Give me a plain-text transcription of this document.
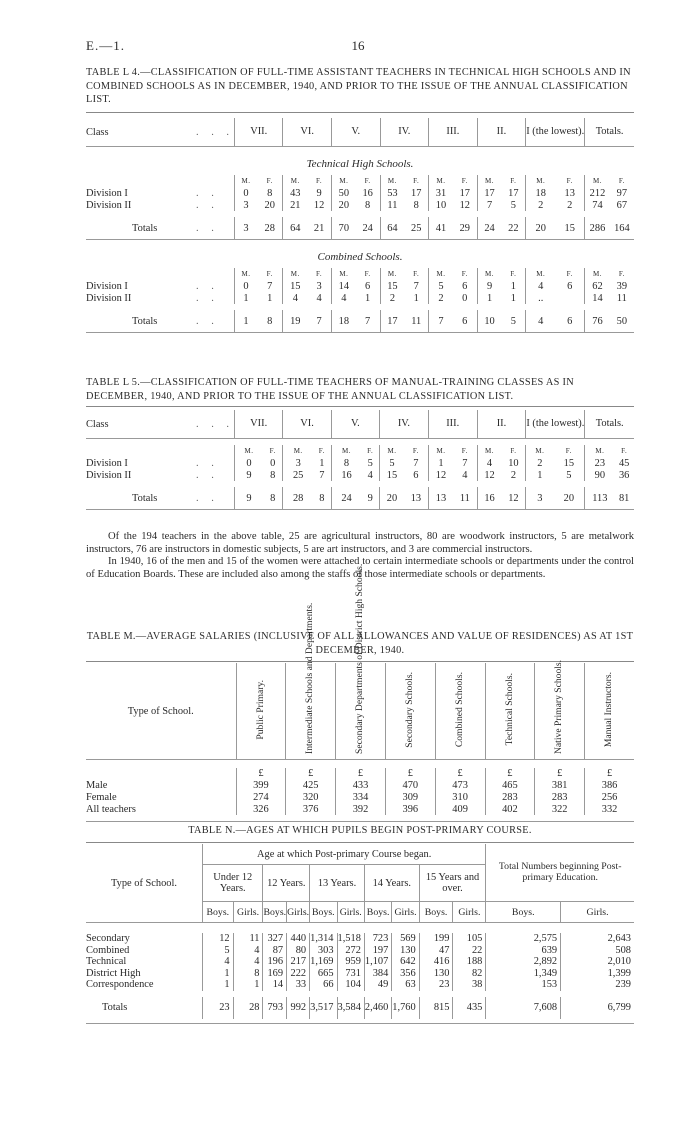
E.—1.	16
TABLE L 4.—CLASSIFICATION OF FULL-TIME ASSISTANT TEACHERS IN TECHNICAL HIGH SCHOOLS AND IN COMBINED SCHOOLS AS IN DECEMBER, 1940, AND PRIOR TO THE ISSUE OF THE ANNUAL CLASSIFICATION LIST.
Class	. . .	VII.		VI.		V.		IV.		III.		II.		I (the lowest).		Totals.	

Technical High Schools.																	
		M.	F.	M.	F.	M.	F.	M.	F.	M.	F.	M.	F.	M.	F.	M.	F.
Division I	. .	0	8	43	9	50	16	53	17	31	17	17	17	18	13	212	97
Division II	. .	3	20	21	12	20	8	11	8	10	12	7	5	2	2	74	67

Totals	. .	3	28	64	21	70	24	64	25	41	29	24	22	20	15	286	164

Combined Schools.																	
		M.	F.	M.	F.	M.	F.	M.	F.	M.	F.	M.	F.	M.	F.	M.	F.
Division I	. .	0	7	15	3	14	6	15	7	5	6	9	1	4	6	62	39
Division II	. .	1	1	4	4	4	1	2	1	2	0	1	1	..		14	11

Totals	. .	1	8	19	7	18	7	17	11	7	6	10	5	4	6	76	50

TABLE L 5.—CLASSIFICATION OF FULL-TIME TEACHERS OF MANUAL-TRAINING CLASSES AS IN DECEMBER, 1940, AND PRIOR TO THE ISSUE OF THE ANNUAL CLASSIFICATION LIST.
Class	. . .	VII.		VI.		V.		IV.		III.		II.		I (the lowest).		Totals.	

		M.	F.	M.	F.	M.	F.	M.	F.	M.	F.	M.	F.	M.	F.	M.	F.
Division I	. .	0	0	3	1	8	5	5	7	1	7	4	10	2	15	23	45
Division II	. .	9	8	25	7	16	4	15	6	12	4	12	2	1	5	90	36

Totals	. .	9	8	28	8	24	9	20	13	13	11	16	12	3	20	113	81

Of the 194 teachers in the above table, 25 are agricultural instructors, 80 are woodwork instructors, 5 are metalwork instructors, 76 are instructors in domestic subjects, 5 are art instructors, and 3 are commercial instructors.
In 1940, 16 of the men and 15 of the women were attached to certain intermediate schools or departments under the control of Education Boards. These are included also among the staffs of those intermediate schools or departments.
TABLE M.—AVERAGE SALARIES (INCLUSIVE OF ALL ALLOWANCES AND VALUE OF RESIDENCES) AS AT 1ST DECEMBER, 1940.
Type of School.	Public Primary.	Intermediate Schools and Departments.	Secondary Departments of District High Schools.	Secondary Schools.	Combined Schools.	Technical Schools.	Native Primary Schools.	Manual Instructors.

	£	£	£	£	£	£	£	£
Male	399	425	433	470	473	465	381	386
Female	274	320	334	309	310	283	283	256
All teachers	326	376	392	396	409	402	322	332

TABLE N.—AGES AT WHICH PUPILS BEGIN POST-PRIMARY COURSE.
Type of School.	Age at which Post-primary Course began.										Total Numbers beginning Post-primary Education.	
	Under 12 Years.		12 Years.		13 Years.		14 Years.		15 Years and over.			
	Boys.	Girls.	Boys.	Girls.	Boys.	Girls.	Boys.	Girls.	Boys.	Girls.	Boys.	Girls.

Secondary	12	11	327	440	1,314	1,518	723	569	199	105	2,575	2,643
Combined	5	4	87	80	303	272	197	130	47	22	639	508
Technical	4	4	196	217	1,169	959	1,107	642	416	188	2,892	2,010
District High	1	8	169	222	665	731	384	356	130	82	1,349	1,399
Correspondence	1	1	14	33	66	104	49	63	23	38	153	239

Totals	23	28	793	992	3,517	3,584	2,460	1,760	815	435	7,608	6,799
